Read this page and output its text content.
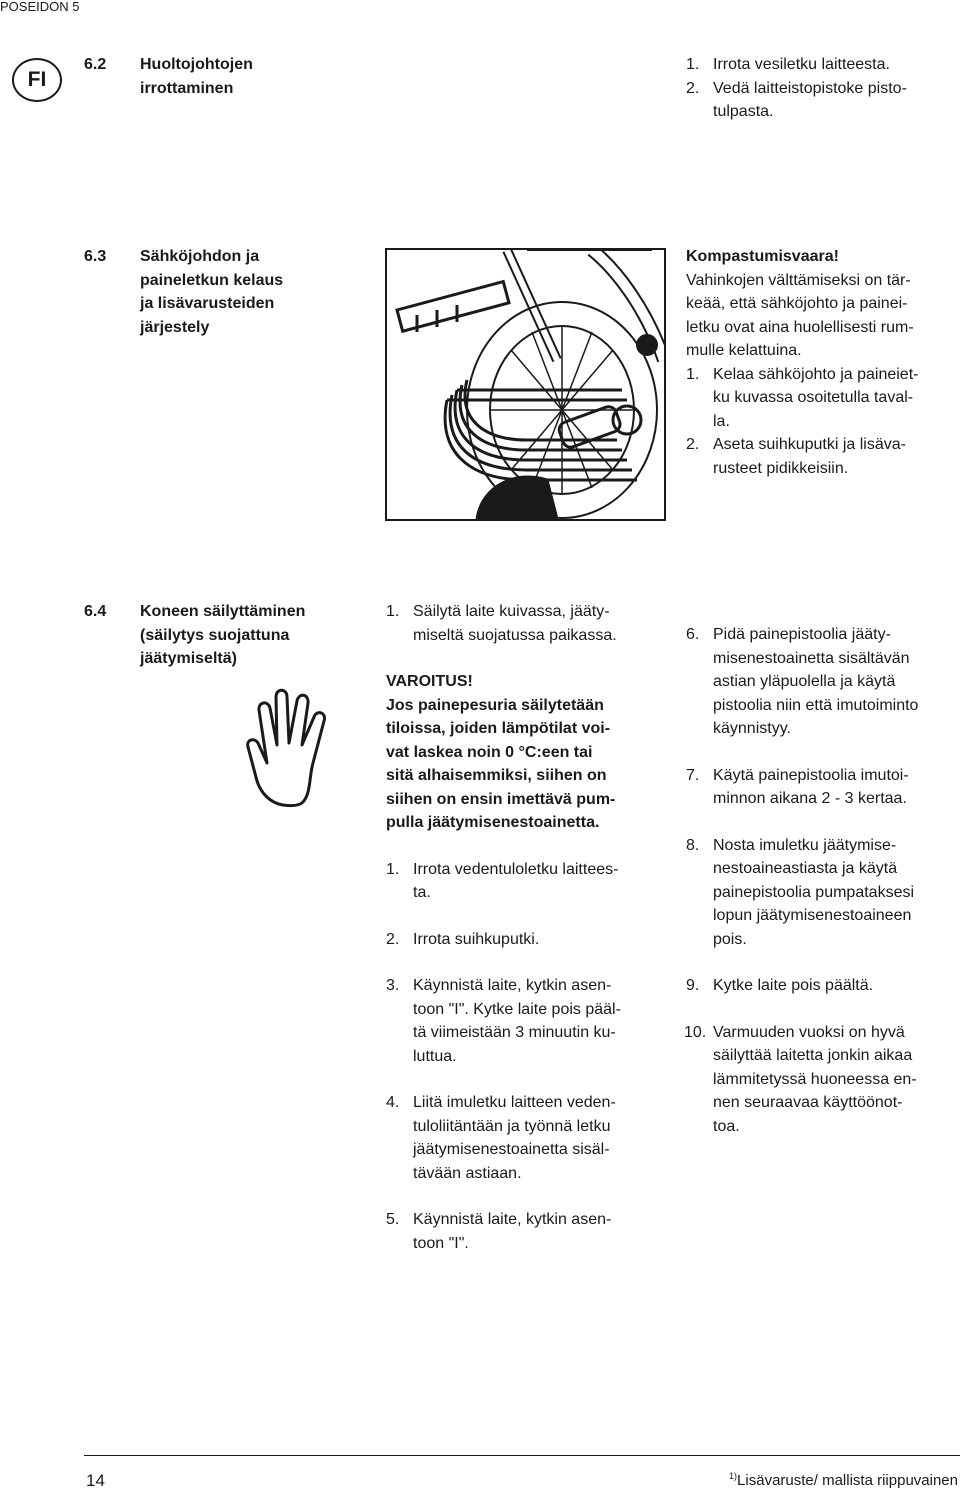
POSEIDON 5
FI
6.2 Huoltojohtojen
irrottaminen
1. Irrota vesiletku laitteesta.
2. Vedä laitteistopistoke pisto-
tulpasta.
6.3 Sähköjohdon ja
paineletkun kelaus
ja lisävarusteiden
järjestely
Kompastumisvaara!
Vahinkojen välttämiseksi on tär-
keää, että sähköjohto ja painei-
letku ovat aina huolellisesti rum-
mulle kelattuina.
1. Kelaa sähköjohto ja paineiet-
ku kuvassa osoitetulla taval-
la.
2. Aseta suihkuputki ja lisäva-
rusteet pidikkeisiin.
6.4 Koneen säilyttäminen
(säilytys suojattuna
jäätymiseltä)
1. Säilytä laite kuivassa, jääty-
miseltä suojatussa paikassa.
VAROITUS!
Jos painepesuria säilytetään
tiloissa, joiden lämpötilat voi-
vat laskea noin 0 °C:een tai
sitä alhaisemmiksi, siihen on
siihen on ensin imettävä pum-
pulla jäätymisenestoainetta.
1. Irrota vedentuloletku laittees-
ta.
2. Irrota suihkuputki.
3. Käynnistä laite, kytkin asen-
toon "I". Kytke laite pois pääl-
tä viimeistään 3 minuutin ku-
luttua.
4. Liitä imuletku laitteen veden-
tuloliitäntään ja työnnä letku
jäätymisenestoainetta sisäl-
tävään astiaan.
5. Käynnistä laite, kytkin asen-
toon "I".
6. Pidä painepistoolia jääty-
misenestoainetta sisältävän
astian yläpuolella ja käytä
pistoolia niin että imutoiminto
käynnistyy.
7. Käytä painepistoolia imutoi-
minnon aikana 2 - 3 kertaa.
8. Nosta imuletku jäätymise-
nestoaineastiasta ja käytä
painepistoolia pumpataksesi
lopun jäätymisenestoaineen
pois.
9. Kytke laite pois päältä.
10. Varmuuden vuoksi on hyvä
säilyttää laitetta jonkin aikaa
lämmitetyssä huoneessa en-
nen seuraavaa käyttöönot-
toa.
14	$^{1)}$Lisävaruste/ mallista riippuvainen
